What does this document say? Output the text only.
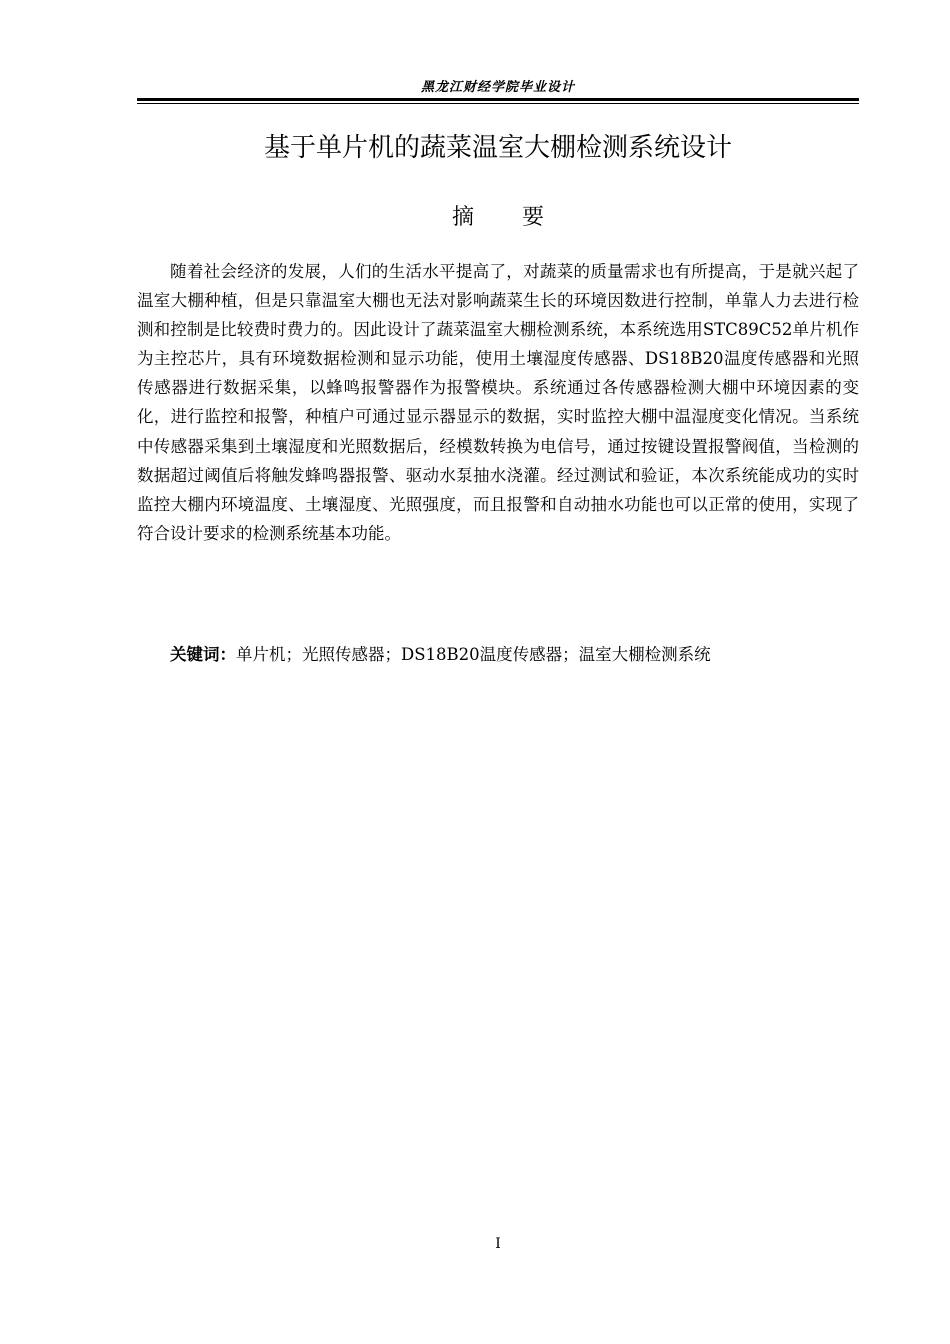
黑龙江财经学院毕业设计
基于单片机的蔬菜温室大棚检测系统设计
摘 要

随着社会经济的发展，人们的生活水平提高了，对蔬菜的质量需求也有所提高，于是就兴起了温室大棚种植，但是只靠温室大棚也无法对影响蔬菜生长的环境因数进行控制，单靠人力去进行检测和控制是比较费时费力的。因此设计了蔬菜温室大棚检测系统，本系统选用STC89C52单片机作为主控芯片，具有环境数据检测和显示功能，使用土壤湿度传感器、DS18B20温度传感器和光照传感器进行数据采集，以蜂鸣报警器作为报警模块。系统通过各传感器检测大棚中环境因素的变化，进行监控和报警，种植户可通过显示器显示的数据，实时监控大棚中温湿度变化情况。当系统中传感器采集到土壤湿度和光照数据后，经模数转换为电信号，通过按键设置报警阀值，当检测的数据超过阈值后将触发蜂鸣器报警、驱动水泵抽水浇灌。经过测试和验证，本次系统能成功的实时监控大棚内环境温度、土壤湿度、光照强度，而且报警和自动抽水功能也可以正常的使用，实现了符合设计要求的检测系统基本功能。

关键词：单片机；光照传感器；DS18B20温度传感器；温室大棚检测系统
I
